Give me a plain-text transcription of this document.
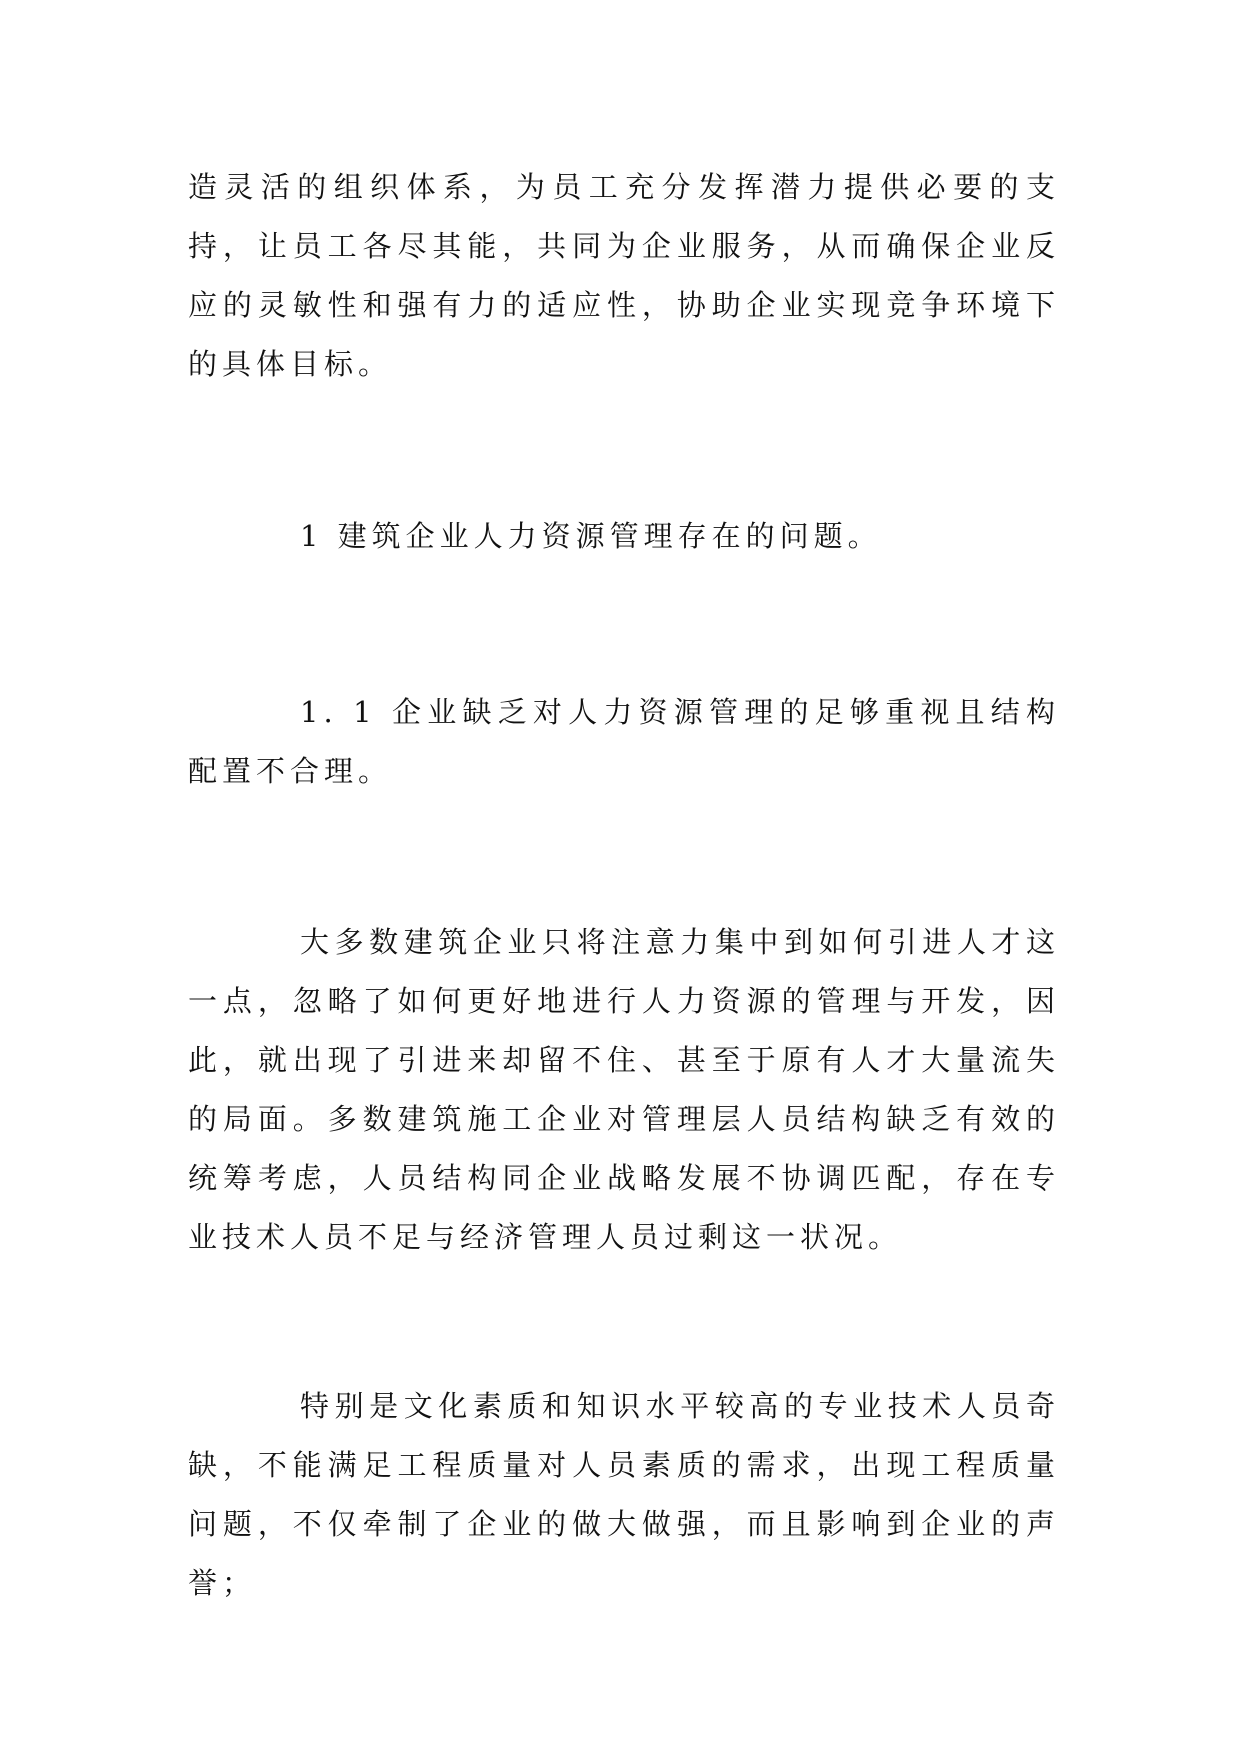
造灵活的组织体系，为员工充分发挥潜力提供必要的支持，让员工各尽其能，共同为企业服务，从而确保企业反应的灵敏性和强有力的适应性，协助企业实现竞争环境下的具体目标。

1 建筑企业人力资源管理存在的问题。

1. 1 企业缺乏对人力资源管理的足够重视且结构配置不合理。

大多数建筑企业只将注意力集中到如何引进人才这一点，忽略了如何更好地进行人力资源的管理与开发，因此，就出现了引进来却留不住、甚至于原有人才大量流失的局面。多数建筑施工企业对管理层人员结构缺乏有效的统筹考虑，人员结构同企业战略发展不协调匹配，存在专业技术人员不足与经济管理人员过剩这一状况。

特别是文化素质和知识水平较高的专业技术人员奇缺，不能满足工程质量对人员素质的需求，出现工程质量问题，不仅牵制了企业的做大做强，而且影响到企业的声誉；
